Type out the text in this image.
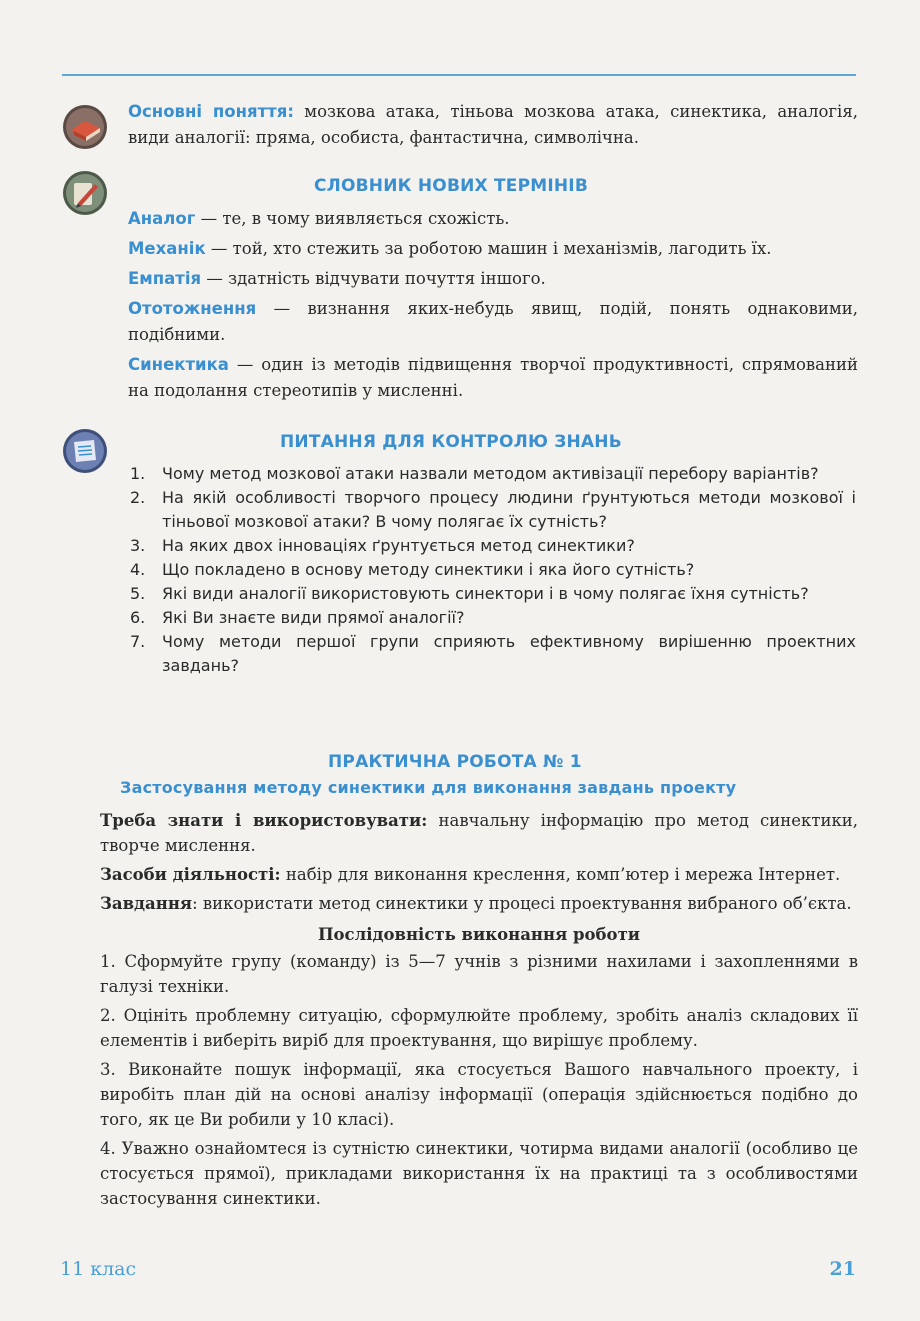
Основні поняття: мозкова атака, тіньова мозкова атака, синектика, аналогія, види аналогії: пряма, особиста, фантастична, символічна.
СЛОВНИК НОВИХ ТЕРМІНІВ

Аналог — те, в чому виявляється схожість.

Механік — той, хто стежить за роботою машин і механізмів, лагодить їх.

Емпатія — здатність відчувати почуття іншого.

Ототожнення — визнання яких-небудь явищ, подій, понять однаковими, подібними.

Синектика — один із методів підвищення творчої продуктивності, спрямований на подолання стереотипів у мисленні.

ПИТАННЯ ДЛЯ КОНТРОЛЮ ЗНАНЬ
1. Чому метод мозкової атаки назвали методом активізації перебору варіантів?
2. На якій особливості творчого процесу людини ґрунтуються методи мозкової і тіньової мозкової атаки? В чому полягає їх сутність?
3. На яких двох інноваціях ґрунтується метод синектики?
4. Що покладено в основу методу синектики і яка його сутність?
5. Які види аналогії використовують синектори і в чому полягає їхня сутність?
6. Які Ви знаєте види прямої аналогії?
7. Чому методи першої групи сприяють ефективному вирішенню проектних завдань?
ПРАКТИЧНА РОБОТА № 1
Застосування методу синектики для виконання завдань проекту

Треба знати і використовувати: навчальну інформацію про метод синектики, творче мислення.

Засоби діяльності: набір для виконання креслення, комп’ютер і мережа Інтернет.

Завдання: використати метод синектики у процесі проектування вибраного об’єкта.

Послідовність виконання роботи

1. Сформуйте групу (команду) із 5—7 учнів з різними нахилами і захопленнями в галузі техніки.

2. Оцініть проблемну ситуацію, сформулюйте проблему, зробіть аналіз складових її елементів і виберіть виріб для проектування, що вирішує проблему.

3. Виконайте пошук інформації, яка стосується Вашого навчального проекту, і виробіть план дій на основі аналізу інформації (операція здійснюється подібно до того, як це Ви робили у 10 класі).

4. Уважно ознайомтеся із сутністю синектики, чотирма видами аналогії (особливо це стосується прямої), прикладами використання їх на практиці та з особливостями застосування синектики.

11 клас	21
